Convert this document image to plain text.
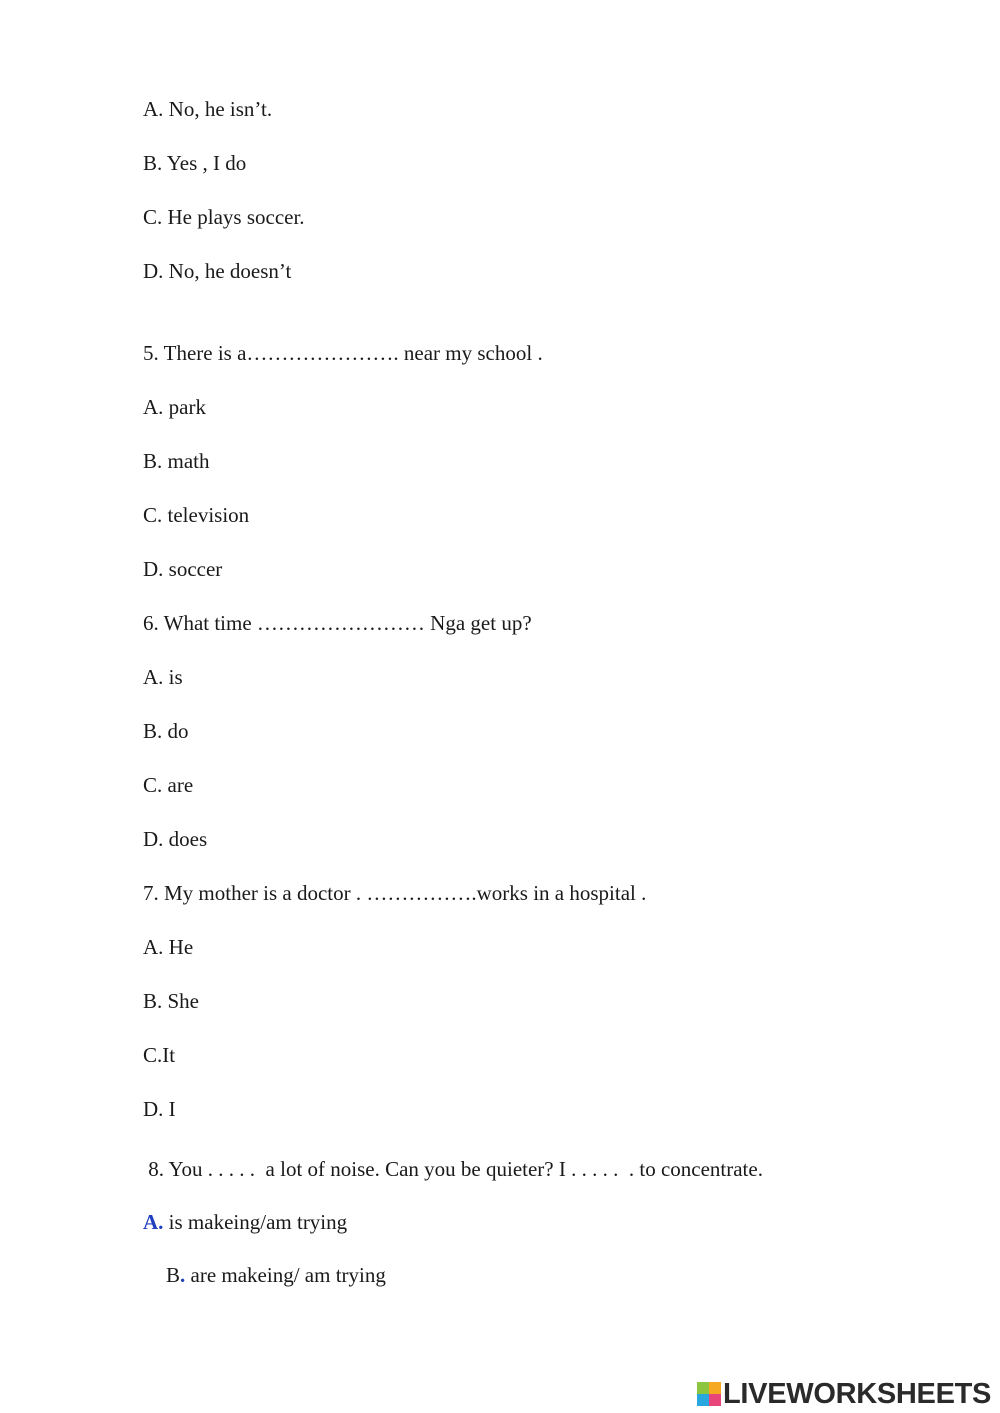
A. No, he isn’t.

B. Yes , I do

C. He plays soccer.

D. No, he doesn’t

5. There is a…………………. near my school .

A. park

B. math

C. television

D. soccer

6. What time …………………… Nga get up?

A. is

B. do

C. are

D. does

7. My mother is a doctor . …………….works in a hospital .

A. He

B. She

C.It

D. I

8. You . . . . .  a lot of noise. Can you be quieter? I . . . . .  . to concentrate.

A. is makeing/am trying

B. are makeing/ am trying

LIVEWORKSHEETS
